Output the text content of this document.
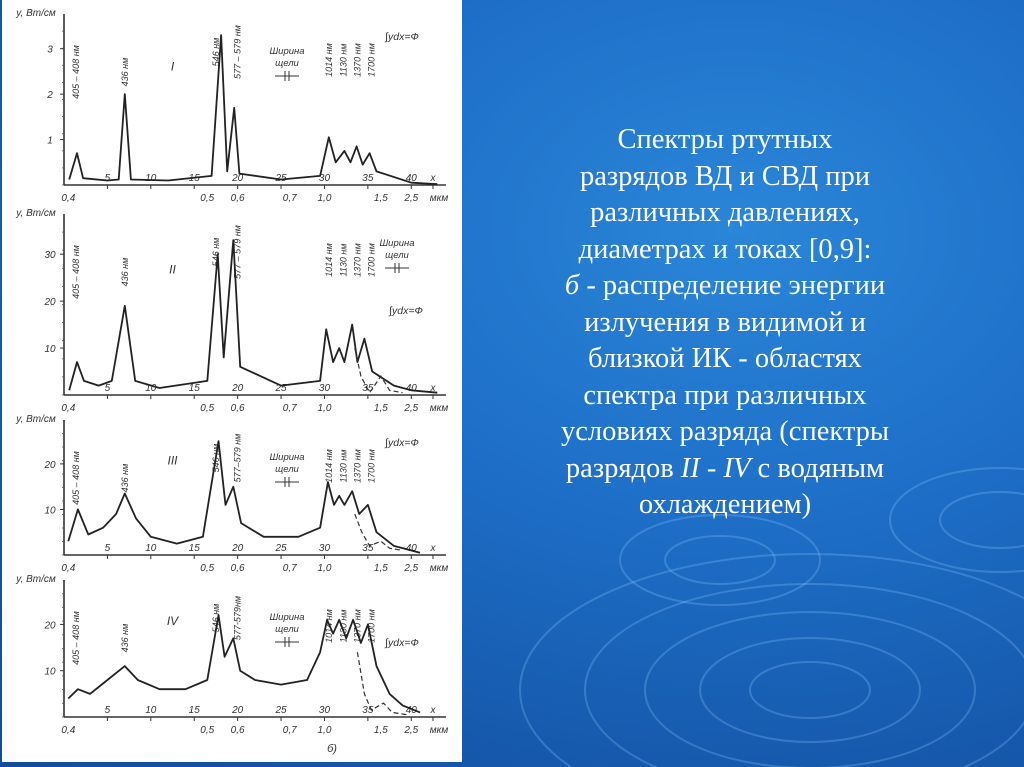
y, Вт/см
1
2
3
5	10	15	20	25	30	35	40 x
0,4	0,5 0,6	0,7 1,0	1,5 2,5 мкм
I
405 – 408 нм	436 нм
546 нм 577 – 579 нм	1014 нм 1130 нм 1370 нм 1700 нм
Ширина
щели
∫ydx=Ф
y, Вт/см
10
20
30
5	10	15	20	25	30	35	40 x
0,4	0,5 0,6	0,7 1,0	1,5 2,5 мкм
II
405 – 408 нм	436 нм
546 нм 577 – 579 нм	1014 нм 1130 нм 1370 нм 1700 нм Ширина
щели
∫ydx=Ф
y, Вт/см
10
20
5	10	15	20	25	30	35	40 x
0,4	0,5 0,6	0,7 1,0	1,5 2,5 мкм
III
405 – 408 нм	436 нм
546 нм 577–579 нм	1014 нм 1130 нм 1370 нм 1700 нм
Ширина
щели
∫ydx=Ф
y, Вт/см
10
20
5	10	15	20	25	30	35	40 x
0,4	0,5 0,6	0,7 1,0	1,5 2,5 мкм
IV
405 – 408 нм	436 нм
546 нм 577-579нм	1014 нм 1130 нм 1370 нм 1700 нм
Ширина
щели
∫ydx=Ф
б)
Спектры ртутных
разрядов ВД и СВД при
различных давлениях,
диаметрах и токах [0,9]:
б - распределение энергии
излучения в видимой и
близкой ИК - областях
спектра при различных
условиях разряда (спектры
разрядов II - IV с водяным
охлаждением)
